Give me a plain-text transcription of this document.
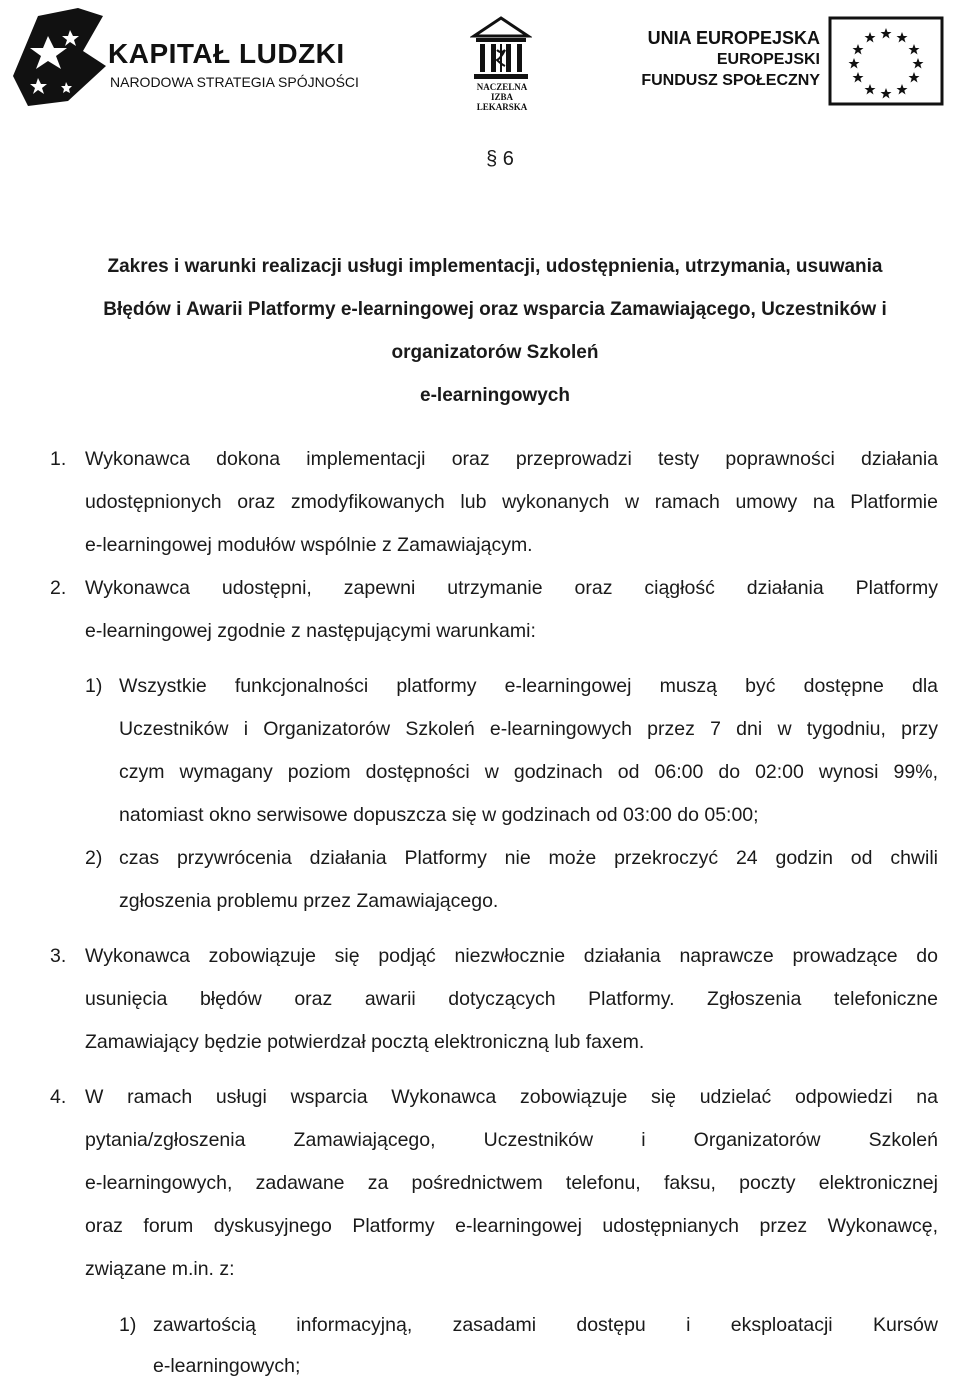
KAPITAŁ LUDZKI
NARODOWA STRATEGIA SPÓJNOŚCI	NACZELNA
IZBA LEKARSKA
UNIA EUROPEJSKA
EUROPEJSKI
FUNDUSZ SPOŁECZNY
§ 6
Zakres i warunki realizacji usługi implementacji, udostępnienia, utrzymania, usuwania
Błędów i Awarii Platformy e-learningowej oraz wsparcia Zamawiającego, Uczestników i
organizatorów Szkoleń
e-learningowych
1. Wykonawca dokona implementacji oraz przeprowadzi testy poprawności działania
udostępnionych oraz zmodyfikowanych lub wykonanych w ramach umowy na Platformie
e-learningowej modułów wspólnie z Zamawiającym.
2. Wykonawca udostępni, zapewni utrzymanie oraz ciągłość działania Platformy
e-learningowej zgodnie z następującymi warunkami:
1) Wszystkie funkcjonalności platformy e-learningowej muszą być dostępne dla
Uczestników i Organizatorów Szkoleń e-learningowych przez 7 dni w tygodniu, przy
czym wymagany poziom dostępności w godzinach od 06:00 do 02:00 wynosi 99%,
natomiast okno serwisowe dopuszcza się w godzinach od 03:00 do 05:00;
2) czas przywrócenia działania Platformy nie może przekroczyć 24 godzin od chwili
zgłoszenia problemu przez Zamawiającego.
3. Wykonawca zobowiązuje się podjąć niezwłocznie działania naprawcze prowadzące do
usunięcia błędów oraz awarii dotyczących Platformy. Zgłoszenia telefoniczne
Zamawiający będzie potwierdzał pocztą elektroniczną lub faxem.
4. W ramach usługi wsparcia Wykonawca zobowiązuje się udzielać odpowiedzi na
pytania/zgłoszenia Zamawiającego, Uczestników i Organizatorów Szkoleń
e-learningowych, zadawane za pośrednictwem telefonu, faksu, poczty elektronicznej
oraz forum dyskusyjnego Platformy e-learningowej udostępnianych przez Wykonawcę,
związane m.in. z:
1) zawartością informacyjną, zasadami dostępu i eksploatacji Kursów
e-learningowych;
